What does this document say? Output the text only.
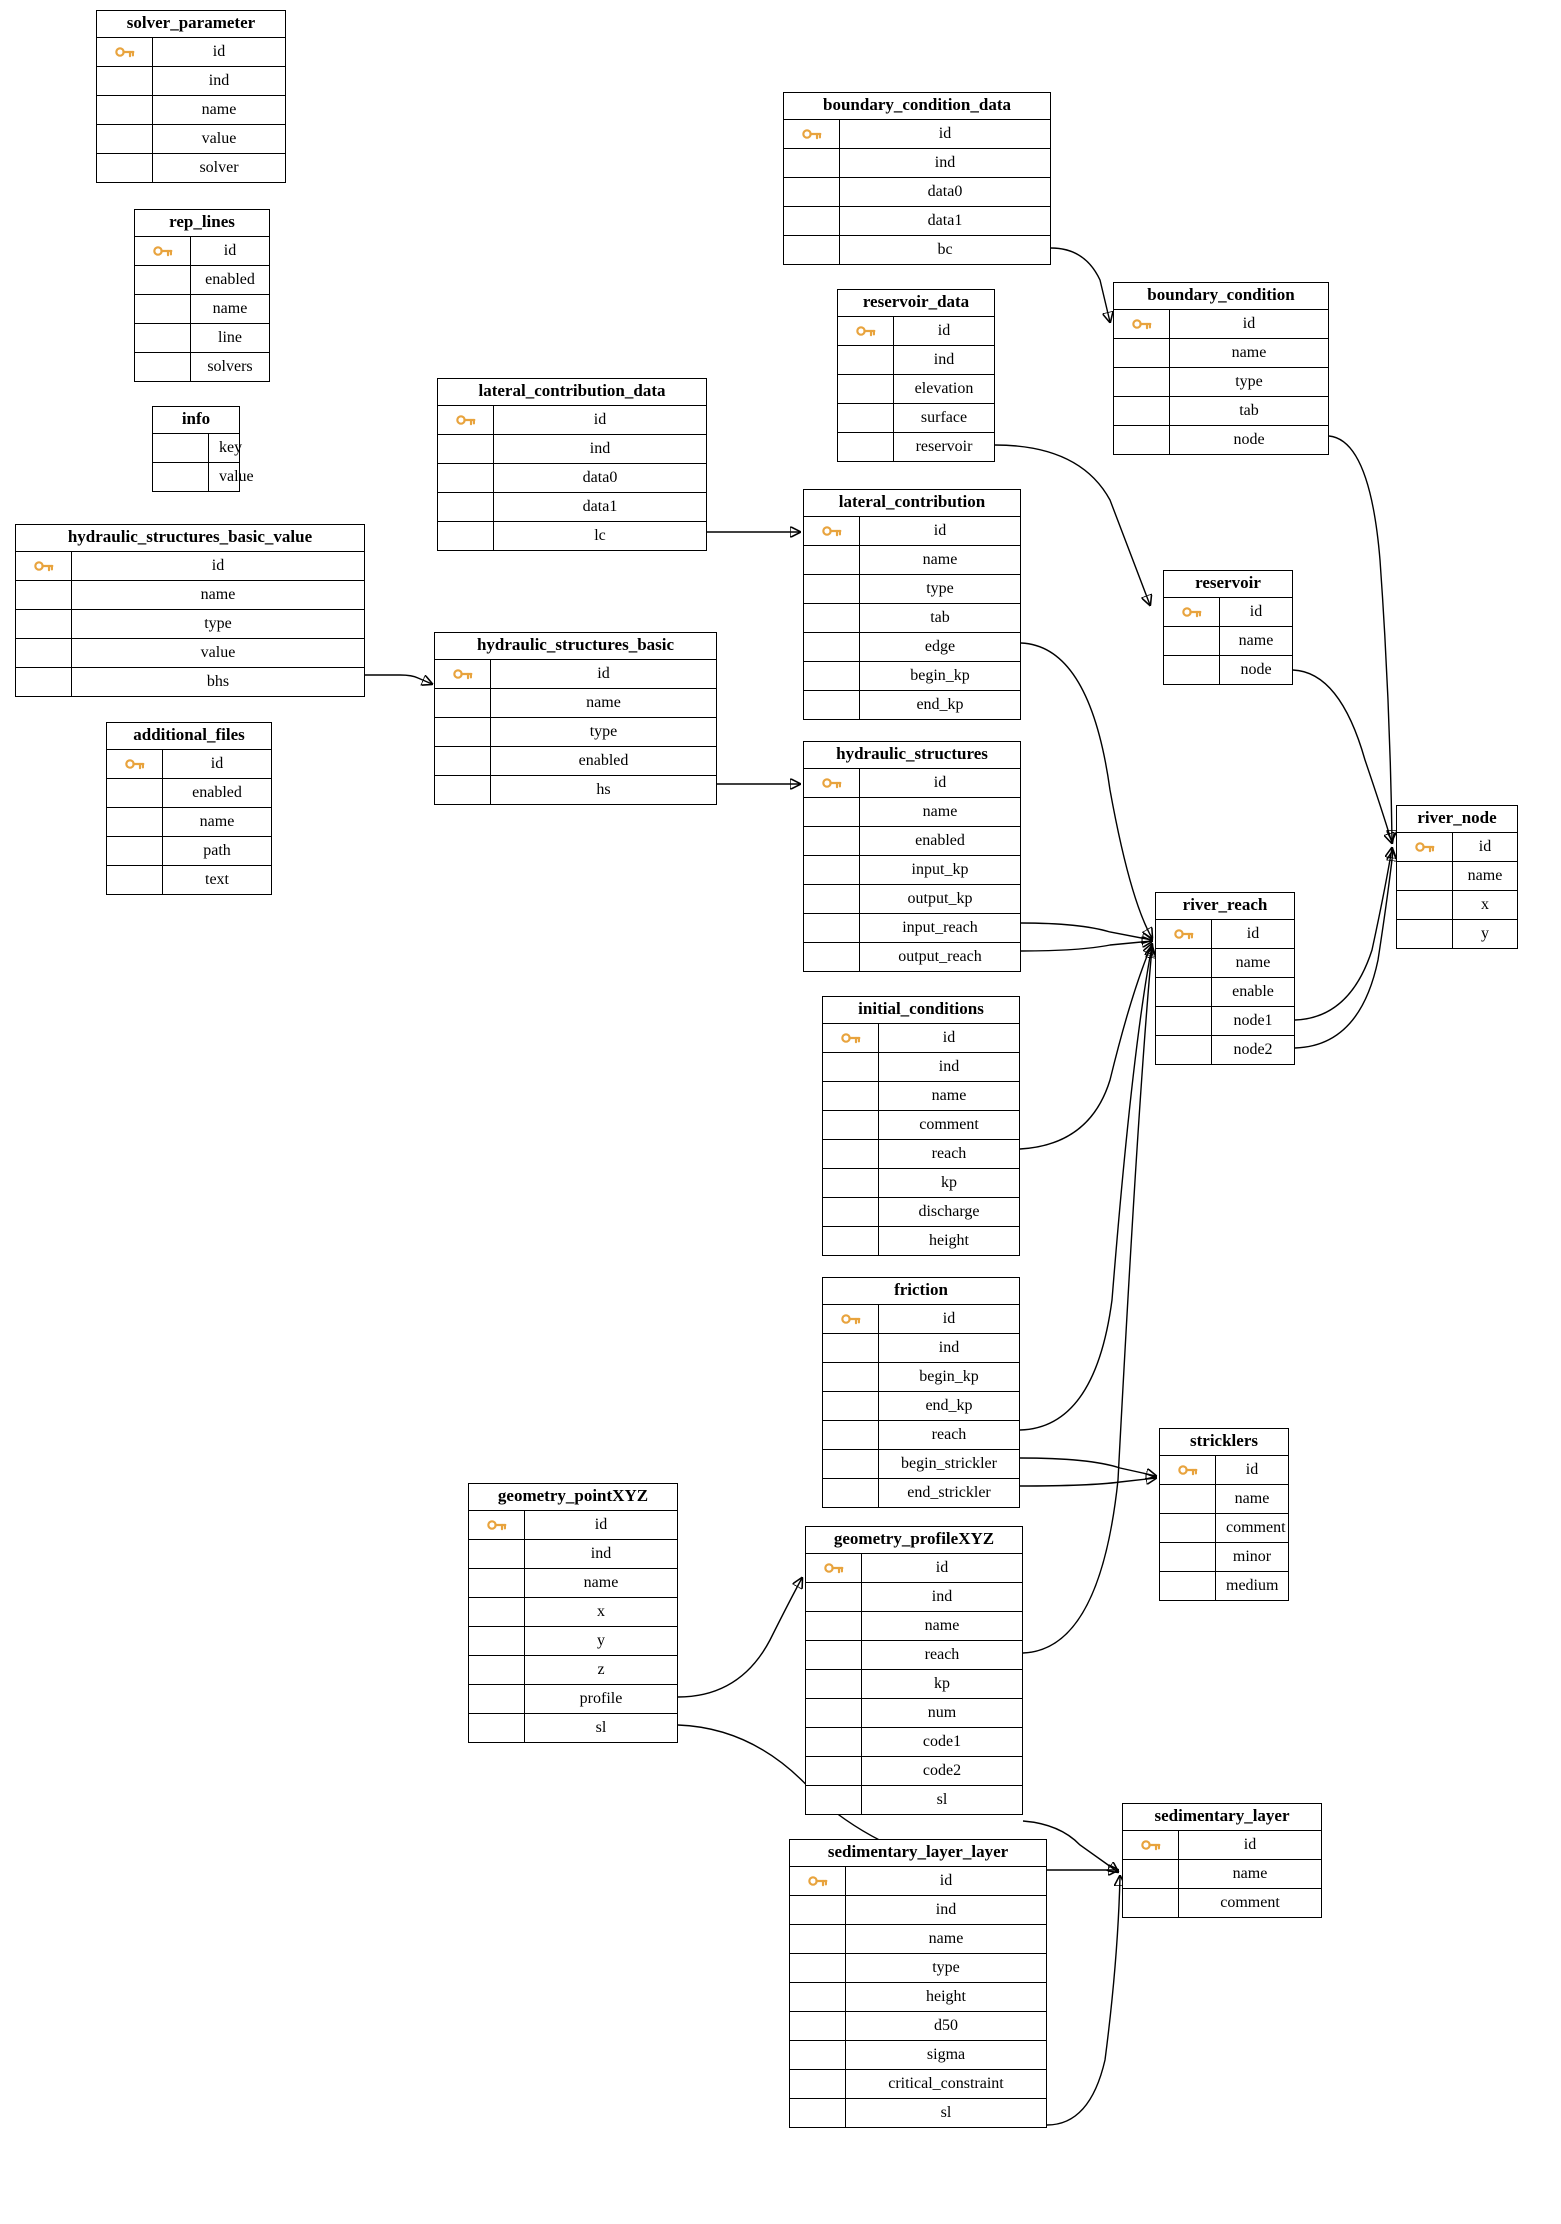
solver_parameter
id
ind
name
value
solver
rep_lines
id
enabled
name
line
solvers
info
key
value
hydraulic_structures_basic_value
id
name
type
value
bhs
additional_files
id
enabled
name
path
text
lateral_contribution_data
id
ind
data0
data1
lc
hydraulic_structures_basic
id
name
type
enabled
hs
geometry_pointXYZ
id
ind
name
x
y
z
profile
sl
boundary_condition_data
id
ind
data0
data1
bc
reservoir_data
id
ind
elevation
surface
reservoir
lateral_contribution
id
name
type
tab
edge
begin_kp
end_kp
hydraulic_structures
id
name
enabled
input_kp
output_kp
input_reach
output_reach
initial_conditions
id
ind
name
comment
reach
kp
discharge
height
friction
id
ind
begin_kp
end_kp
reach
begin_strickler
end_strickler
geometry_profileXYZ
id
ind
name
reach
kp
num
code1
code2
sl
sedimentary_layer_layer
id
ind
name
type
height
d50
sigma
critical_constraint
sl
boundary_condition
id
name
type
tab
node
reservoir
id
name
node
river_reach
id
name
enable
node1
node2
river_node
id
name
x
y
stricklers
id
name
comment
minor
medium
sedimentary_layer
id
name
comment
